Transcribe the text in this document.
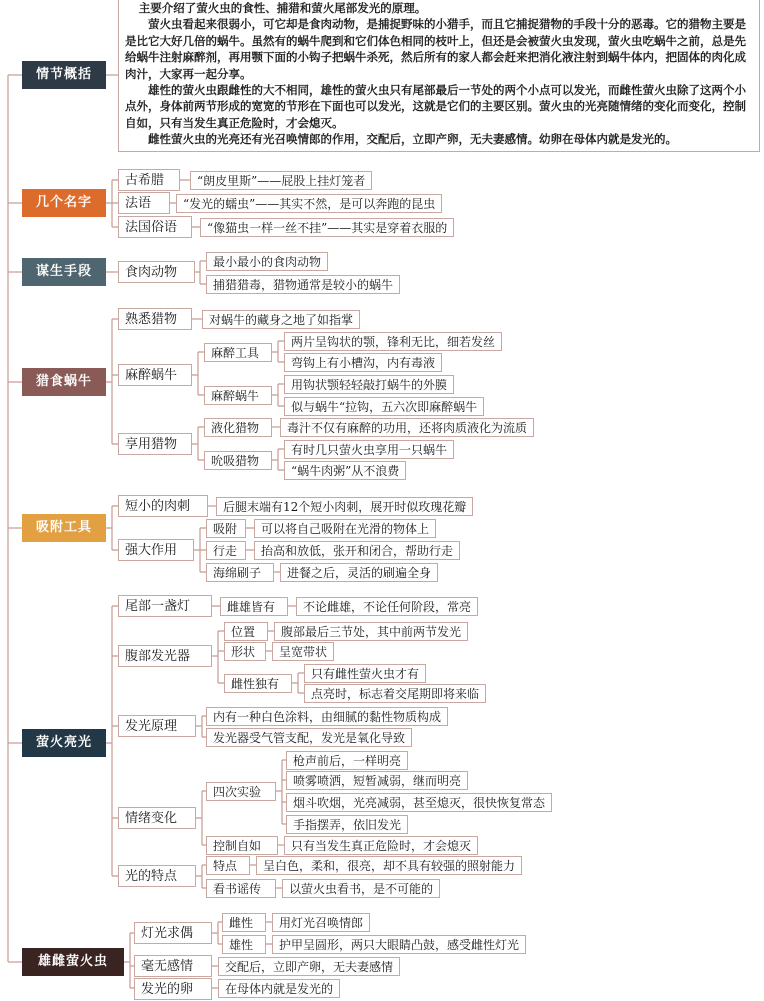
主要介绍了萤火虫的食性、捕猎和萤火尾部发光的原理。

萤火虫看起来很弱小，可它却是食肉动物，是捕捉野味的小猎手，而且它捕捉猎物的手段十分的恶毒。它的猎物主要是是比它大好几倍的蜗牛。虽然有的蜗牛爬到和它们体色相同的枝叶上，但还是会被萤火虫发现，萤火虫吃蜗牛之前，总是先给蜗牛注射麻醉剂，再用颚下面的小钩子把蜗牛杀死，然后所有的家人都会赶来把消化液注射到蜗牛体内，把固体的肉化成肉汁，大家再一起分享。

雄性的萤火虫跟雌性的大不相同，雄性的萤火虫只有尾部最后一节处的两个小点可以发光，而雌性萤火虫除了这两个小点外，身体前两节形成的宽宽的节形在下面也可以发光，这就是它们的主要区别。萤火虫的光亮随情绪的变化而变化，控制自如，只有当发生真正危险时，才会熄灭。

雌性萤火虫的光亮还有光召唤情郎的作用，交配后，立即产卵，无夫妻感情。幼卵在母体内就是发光的。

情节概括
几个名字
谋生手段
猎食蜗牛
吸附工具
萤火亮光
雄雌萤火虫
古希腊	“朗皮里斯”——屁股上挂灯笼者
法语	“发光的蠕虫”——其实不然，是可以奔跑的昆虫
法国俗语	“像猫虫一样一丝不挂”——其实是穿着衣服的
食肉动物
最小最小的食肉动物
捕猎猎毒，猎物通常是较小的蜗牛
熟悉猎物	对蜗牛的藏身之地了如指掌
麻醉蜗牛
麻醉工具
两片呈钩状的颚，锋利无比，细若发丝
弯钩上有小槽沟，内有毒液
麻醉蜗牛
用钩状颚轻轻敲打蜗牛的外膜
似与蜗牛“拉钩，五六次即麻醉蜗牛
享用猎物
液化猎物	毒汁不仅有麻醉的功用，还将肉质液化为流质
吮吸猎物
有时几只萤火虫享用一只蜗牛
“蜗牛肉粥”从不浪费
短小的肉刺	后腿末端有12个短小肉刺，展开时似玫瑰花瓣
强大作用
吸附	可以将自己吸附在光滑的物体上
行走	抬高和放低，张开和闭合，帮助行走
海绵刷子	进餐之后，灵活的刷遍全身
尾部一盏灯	雌雄皆有	不论雌雄，不论任何阶段，常亮
腹部发光器
位置	腹部最后三节处，其中前两节发光
形状	呈宽带状
雌性独有
只有雌性萤火虫才有
点亮时，标志着交尾期即将来临
发光原理
内有一种白色涂料，由细腻的黏性物质构成
发光器受气管支配，发光是氧化导致
情绪变化
四次实验
枪声前后，一样明亮
喷雾喷洒，短暂减弱，继而明亮
烟斗吹烟，光亮减弱，甚至熄灭，很快恢复常态
手指摆弄，依旧发光
控制自如	只有当发生真正危险时，才会熄灭
光的特点
特点	呈白色，柔和，很亮，却不具有较强的照射能力
看书谣传	以萤火虫看书，是不可能的
灯光求偶
雌性	用灯光召唤情郎
雄性	护甲呈圆形，两只大眼睛凸鼓，感受雌性灯光
毫无感情	交配后，立即产卵，无夫妻感情
发光的卵	在母体内就是发光的
